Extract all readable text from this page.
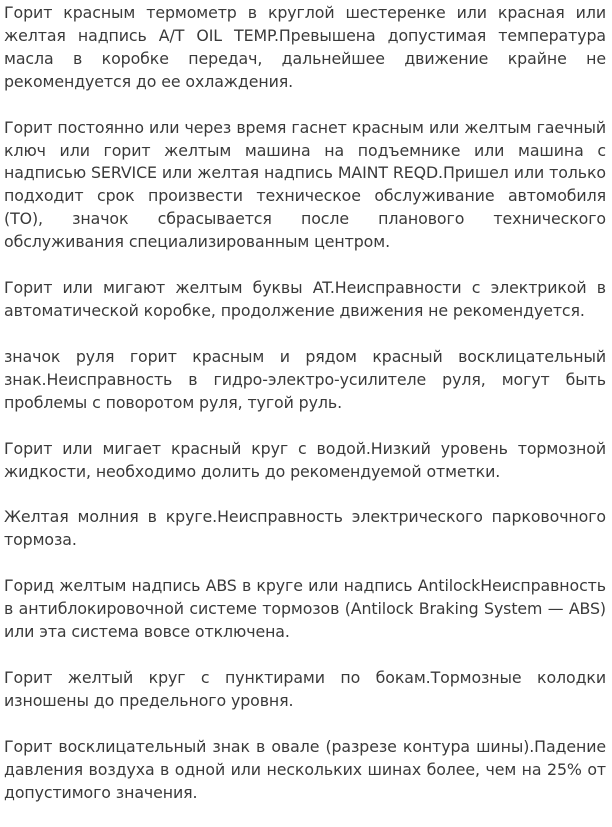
Горит красным термометр в круглой шестеренке или красная или желтая надпись A/T OIL TEMP.Превышена допустимая температура масла в коробке передач, дальнейшее движение крайне не рекомендуется до ее охлаждения.

Горит постоянно или через время гаснет красным или желтым гаечный ключ или горит желтым машина на подъемнике или машина с надписью SERVICE или желтая надпись MAINT REQD.Пришел или только подходит срок произвести техническое обслуживание автомобиля (ТО), значок сбрасывается после планового технического обслуживания специализированным центром.

Горит или мигают желтым буквы AT.Неисправности с электрикой в автоматической коробке, продолжение движения не рекомендуется.

значок руля горит красным и рядом красный восклицательный знак.Неисправность в гидро-электро-усилителе руля, могут быть проблемы с поворотом руля, тугой руль.

Горит или мигает красный круг с водой.Низкий уровень тормозной жидкости, необходимо долить до рекомендуемой отметки.

Желтая молния в круге.Неисправность электрического парковочного тормоза.

Горид желтым надпись ABS в круге или надпись AntilockНеисправность в антиблокировочной системе тормозов (Antilock Braking System — ABS) или эта система вовсе отключена.

Горит желтый круг с пунктирами по бокам.Тормозные колодки изношены до предельного уровня.

Горит восклицательный знак в овале (разрезе контура шины).Падение давления воздуха в одной или нескольких шинах более, чем на 25% от допустимого значения.
